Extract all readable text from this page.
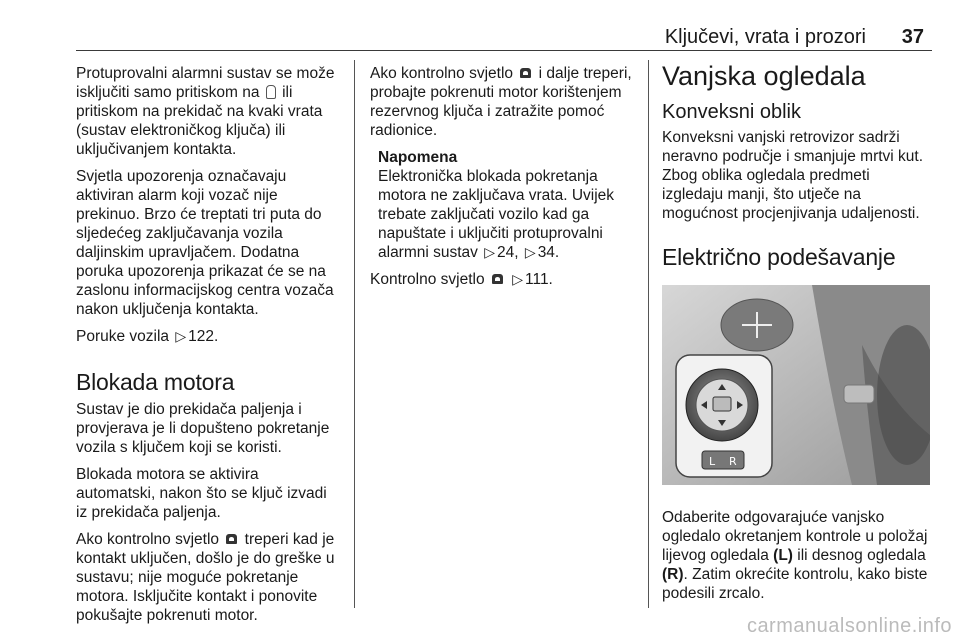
Ključevi, vrata i prozori 37

Protuprovalni alarmni sustav se može isključiti samo pritiskom na ili pritiskom na prekidač na kvaki vrata (sustav elektroničkog ključa) ili uključivanjem kontakta.

Svjetla upozorenja označavaju aktiviran alarm koji vozač nije prekinuo. Brzo će treptati tri puta do sljedećeg zaključavanja vozila daljinskim upravljačem. Dodatna poruka upozorenja prikazat će se na zaslonu informacijskog centra vozača nakon uključenja kontakta.

Poruke vozila ▷ 122.

Blokada motora

Sustav je dio prekidača paljenja i provjerava je li dopušteno pokretanje vozila s ključem koji se koristi.

Blokada motora se aktivira automatski, nakon što se ključ izvadi iz prekidača paljenja.

Ako kontrolno svjetlo treperi kad je kontakt uključen, došlo je do greške u sustavu; nije moguće pokretanje motora. Isključite kontakt i ponovite pokušajte pokrenuti motor.

Ako kontrolno svjetlo i dalje treperi, probajte pokrenuti motor korištenjem rezervnog ključa i zatražite pomoć radionice.

Napomena
Elektronička blokada pokretanja motora ne zaključava vrata. Uvijek trebate zaključati vozilo kad ga napuštate i uključiti protuprovalni alarmni sustav ▷ 24, ▷ 34.

Kontrolno svjetlo ▷ 111.

Vanjska ogledala
Konveksni oblik

Konveksni vanjski retrovizor sadrži neravno područje i smanjuje mrtvi kut. Zbog oblika ogledala predmeti izgledaju manji, što utječe na mogućnost procjenjivanja udaljenosti.

Električno podešavanje
L R

Odaberite odgovarajuće vanjsko ogledalo okretanjem kontrole u položaj lijevog ogledala (L) ili desnog ogledala (R). Zatim okrećite kontrolu, kako biste podesili zrcalo.

carmanualsonline.info
